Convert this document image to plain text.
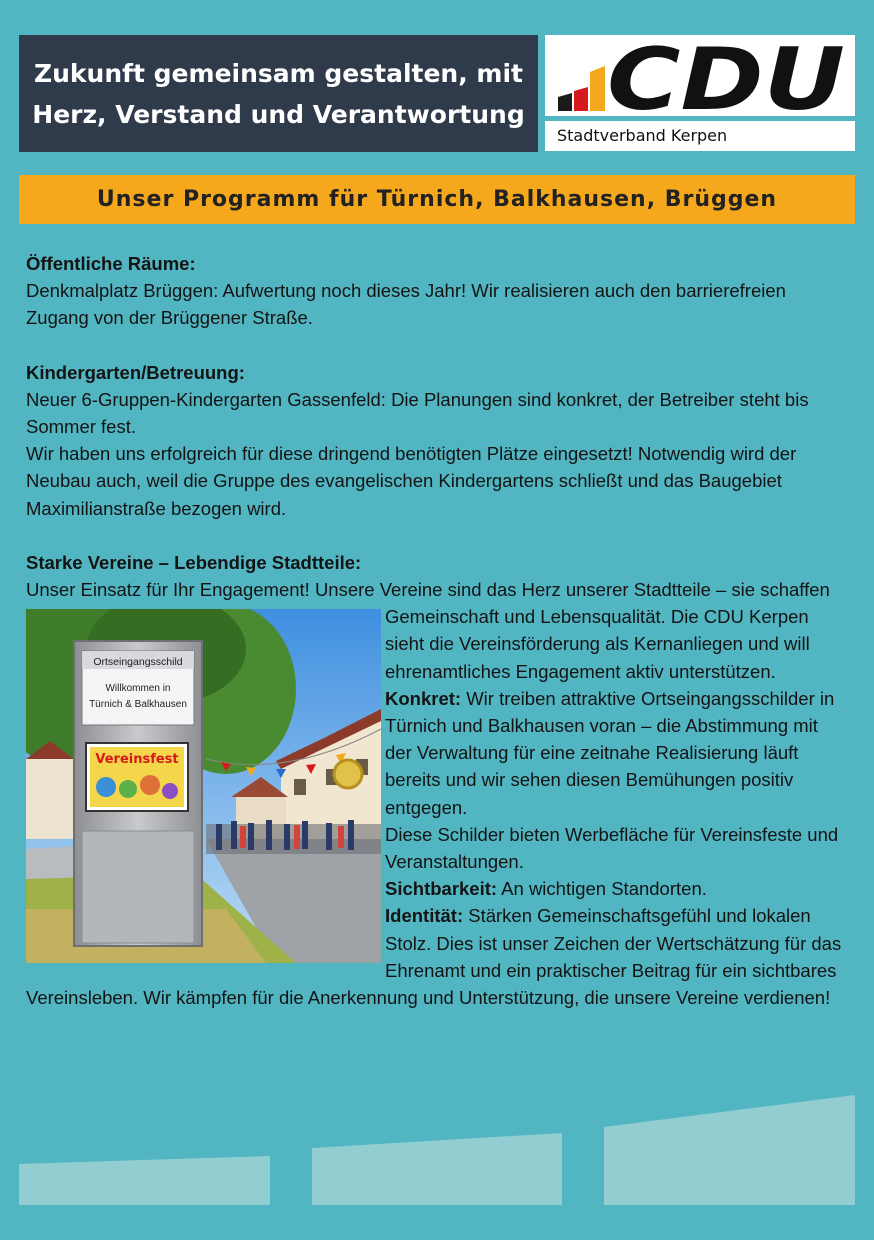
Zukunft gemeinsam gestalten, mit
Herz, Verstand und Verantwortung CDU
Stadtverband Kerpen
Unser Programm für Türnich, Balkhausen, Brüggen

Öffentliche Räume:

Denkmalplatz Brüggen: Aufwertung noch dieses Jahr! Wir realisieren auch den barrierefreien Zugang von der Brüggener Straße.

Kindergarten/Betreuung:

Neuer 6-Gruppen-Kindergarten Gassenfeld: Die Planungen sind konkret, der Betreiber steht bis Sommer fest.

Wir haben uns erfolgreich für diese dringend benötigten Plätze eingesetzt! Notwendig wird der Neubau auch, weil die Gruppe des evangelischen Kindergartens schließt und das Baugebiet Maximilianstraße bezogen wird.

Starke Vereine – Lebendige Stadtteile:

Unser Einsatz für Ihr Engagement! Unsere Vereine sind das Herz unserer Stadtteile – sie
Ortseingangsschild
Willkommen in
Türnich & Balkhausen
Vereinsfest
schaffen Gemeinschaft und Lebensqualität. Die CDU Kerpen sieht die Vereinsförderung als Kernanliegen und will ehrenamtliches Engagement aktiv unterstützen.
Konkret: Wir treiben attraktive Ortseingangsschilder in Türnich und Balkhausen voran – die Abstimmung mit der Verwaltung für eine zeitnahe Realisierung läuft bereits und wir sehen diesen Bemühungen positiv entgegen.
Diese Schilder bieten Werbefläche für Vereinsfeste und Veranstaltungen.
Sichtbarkeit: An wichtigen Standorten.
Identität: Stärken Gemeinschaftsgefühl und lokalen Stolz. Dies ist unser Zeichen der Wertschätzung für das Ehrenamt und ein praktischer Beitrag für ein sichtbares Vereinsleben. Wir kämpfen für die Anerkennung und Unterstützung, die unsere Vereine verdienen!
